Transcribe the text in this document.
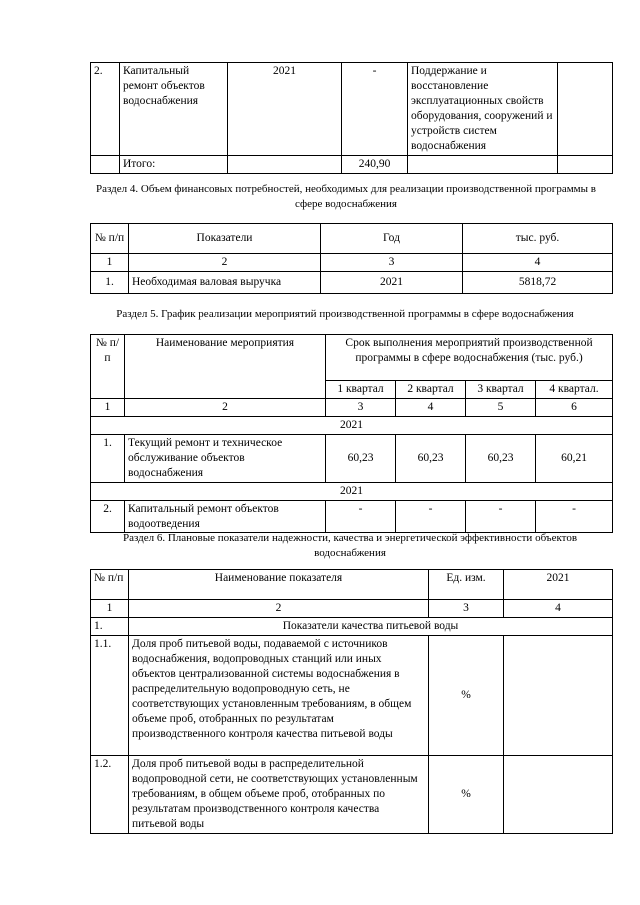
2.	Капитальный ремонт объектов водоснабжения	2021	-	Поддержание и восстановление эксплуатационных свойств оборудования, сооружений и устройств систем водоснабжения	
	Итого:		240,90		
Раздел 4. Объем финансовых потребностей, необходимых для реализации производственной программы в сфере водоснабжения
№ п/п	Показатели	Год	тыс. руб.
1	2	3	4
1.	Необходимая валовая выручка	2021	5818,72
Раздел 5. График реализации мероприятий производственной программы в сфере водоснабжения
№ п/п	Наименование мероприятия	Срок выполнения мероприятий производственной программы в сфере водоснабжения (тыс. руб.)			
		1 квартал	2 квартал	3 квартал	4 квартал.
1	2	3	4	5	6
2021					
1.	Текущий ремонт и техническое обслуживание объектов водоснабжения	60,23	60,23	60,23	60,21
2021					
2.	Капитальный ремонт объектов водоотведения	-	-	-	-
Раздел 6. Плановые показатели надежности, качества и энергетической эффективности объектов водоснабжения
№ п/п	Наименование показателя	Ед. изм.	2021
1	2	3	4
1.	Показатели качества питьевой воды		
1.1.	Доля проб питьевой воды, подаваемой с источников водоснабжения, водопроводных станций или иных объектов централизованной системы водоснабжения в распределительную водопроводную сеть, не соответствующих установленным требованиям, в общем объеме проб, отобранных по результатам производственного контроля качества питьевой воды	%	
1.2.	Доля проб питьевой воды в распределительной водопроводной сети, не соответствующих установленным требованиям, в общем объеме проб, отобранных по результатам производственного контроля качества питьевой воды	%	
